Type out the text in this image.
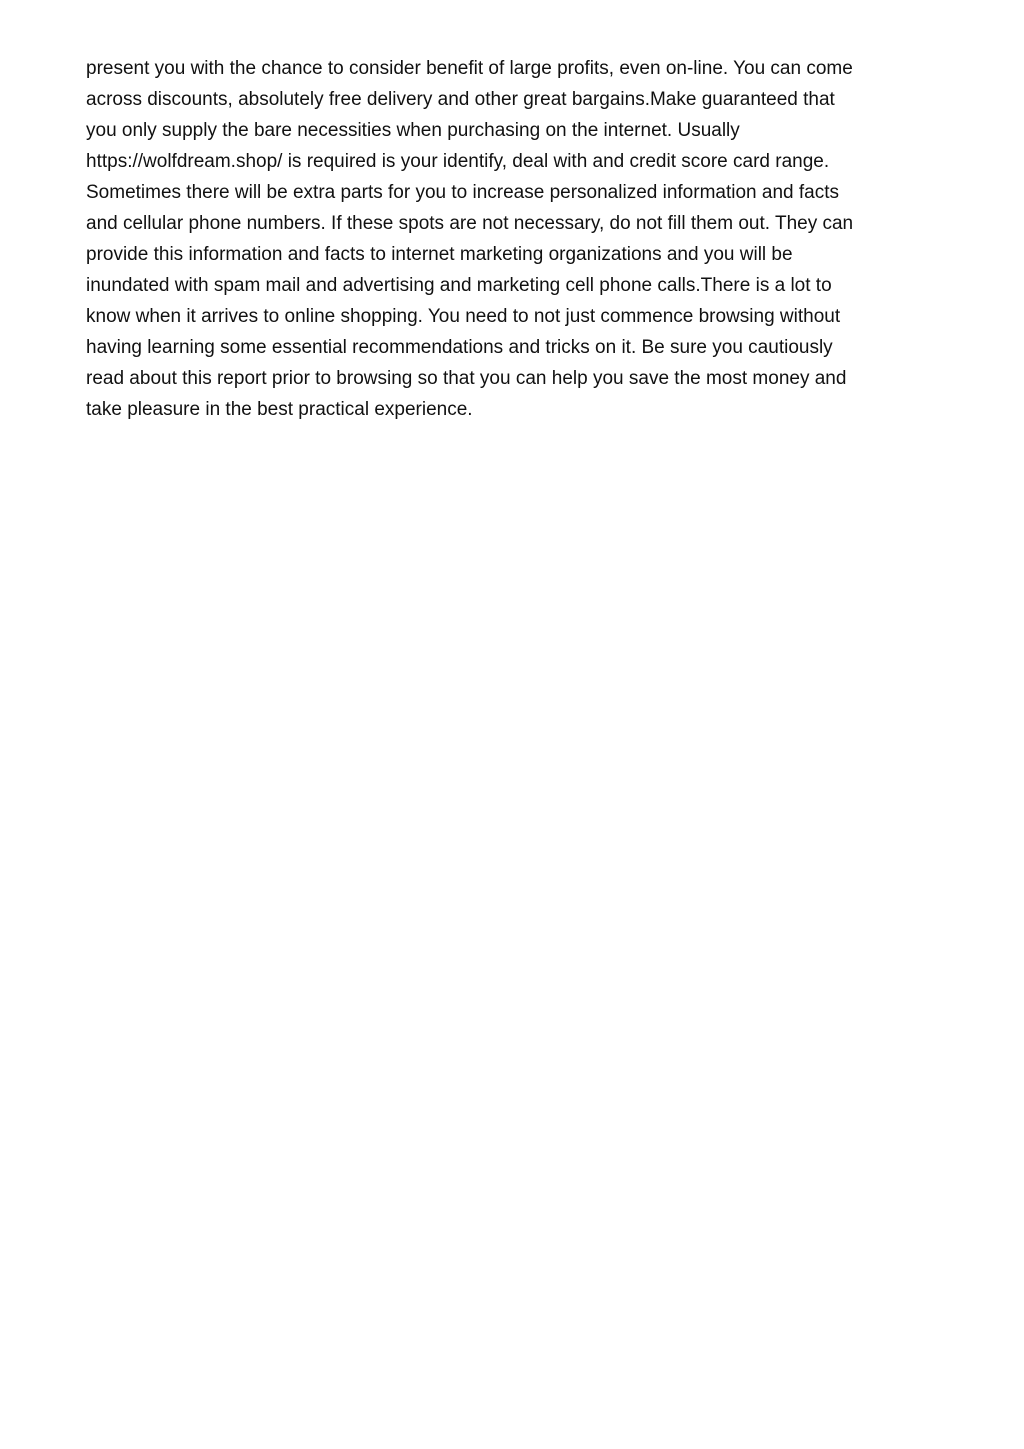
present you with the chance to consider benefit of large profits, even on-line. You can come
across discounts, absolutely free delivery and other great bargains.Make guaranteed that
you only supply the bare necessities when purchasing on the internet. Usually
https://wolfdream.shop/ is required is your identify, deal with and credit score card range.
Sometimes there will be extra parts for you to increase personalized information and facts
and cellular phone numbers. If these spots are not necessary, do not fill them out. They can
provide this information and facts to internet marketing organizations and you will be
inundated with spam mail and advertising and marketing cell phone calls.There is a lot to
know when it arrives to online shopping. You need to not just commence browsing without
having learning some essential recommendations and tricks on it. Be sure you cautiously
read about this report prior to browsing so that you can help you save the most money and
take pleasure in the best practical experience.
